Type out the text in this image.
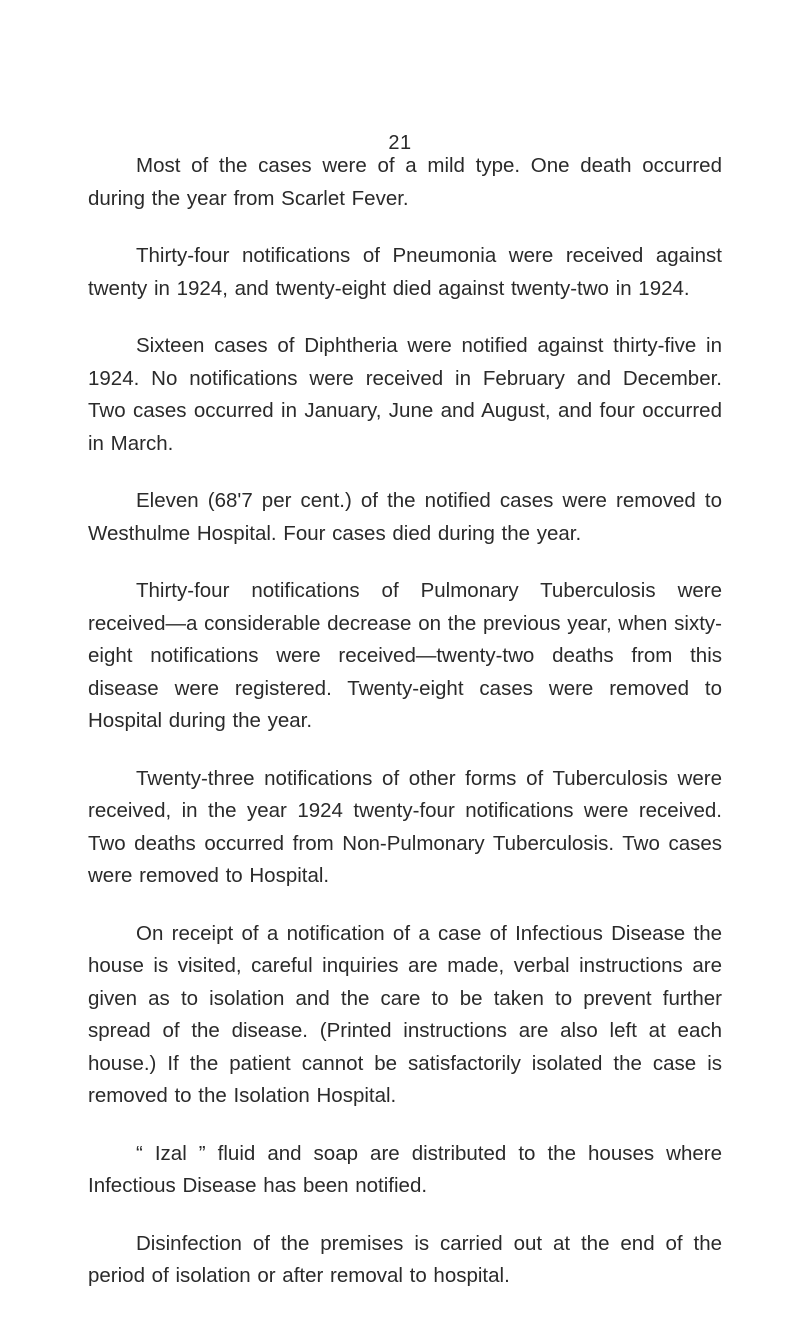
21

Most of the cases were of a mild type. One death occurred during the year from Scarlet Fever.

Thirty-four notifications of Pneumonia were received against twenty in 1924, and twenty-eight died against twenty-two in 1924.

Sixteen cases of Diphtheria were notified against thirty-five in 1924. No notifications were received in February and December. Two cases occurred in January, June and August, and four occurred in March.

Eleven (68'7 per cent.) of the notified cases were removed to Westhulme Hospital. Four cases died during the year.

Thirty-four notifications of Pulmonary Tuberculosis were received—a considerable decrease on the previous year, when sixty-eight notifications were received—twenty-two deaths from this disease were registered. Twenty-eight cases were removed to Hospital during the year.

Twenty-three notifications of other forms of Tuberculosis were received, in the year 1924 twenty-four notifications were received. Two deaths occurred from Non-Pulmonary Tuberculosis. Two cases were removed to Hospital.

On receipt of a notification of a case of Infectious Disease the house is visited, careful inquiries are made, verbal instructions are given as to isolation and the care to be taken to prevent further spread of the disease. (Printed instructions are also left at each house.) If the patient cannot be satisfactorily isolated the case is removed to the Isolation Hospital.

“ Izal ” fluid and soap are distributed to the houses where Infectious Disease has been notified.

Disinfection of the premises is carried out at the end of the period of isolation or after removal to hospital.
